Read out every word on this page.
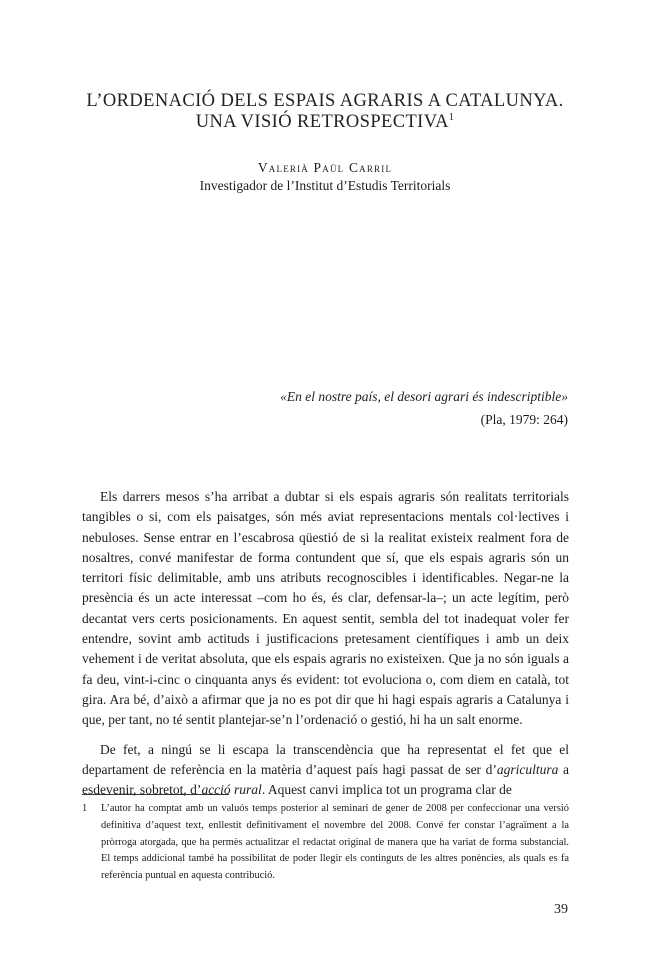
L’ORDENACIÓ DELS ESPAIS AGRARIS A CATALUNYA.
UNA VISIÓ RETROSPECTIVA$^1$
Valerià Paül Carril
Investigador de l’Institut d’Estudis Territorials
«En el nostre país, el desori agrari és indescriptible»
(Pla, 1979: 264)

Els darrers mesos s’ha arribat a dubtar si els espais agraris són realitats territorials tangibles o si, com els paisatges, són més aviat representacions mentals col·lectives i nebuloses. Sense entrar en l’escabrosa qüestió de si la realitat existeix realment fora de nosaltres, convé manifestar de forma contundent que sí, que els espais agraris són un territori físic delimitable, amb uns atributs recognoscibles i identificables. Negar-ne la presència és un acte interessat –com ho és, és clar, defensar-la–; un acte legítim, però decantat vers certs posicionaments. En aquest sentit, sembla del tot inadequat voler fer entendre, sovint amb actituds i justificacions pretesament científiques i amb un deix vehement i de veritat absoluta, que els espais agraris no existeixen. Que ja no són iguals a fa deu, vint-i-cinc o cinquanta anys és evident: tot evoluciona o, com diem en català, tot gira. Ara bé, d’això a afirmar que ja no es pot dir que hi hagi espais agraris a Catalunya i que, per tant, no té sentit plantejar-se’n l’ordenació o gestió, hi ha un salt enorme.

De fet, a ningú se li escapa la transcendència que ha representat el fet que el departament de referència en la matèria d’aquest país hagi passat de ser d’agricultura a esdevenir, sobretot, d’acció rural. Aquest canvi implica tot un programa clar de

1 L’autor ha comptat amb un valuós temps posterior al seminari de gener de 2008 per confeccionar una versió definitiva d’aquest text, enllestit definitivament el novembre del 2008. Convé fer constar l’agraïment a la pròrroga atorgada, que ha permès actualitzar el redactat original de manera que ha variat de forma substancial. El temps addicional també ha possibilitat de poder llegir els continguts de les altres ponències, als quals es fa referència puntual en aquesta contribució.
39
